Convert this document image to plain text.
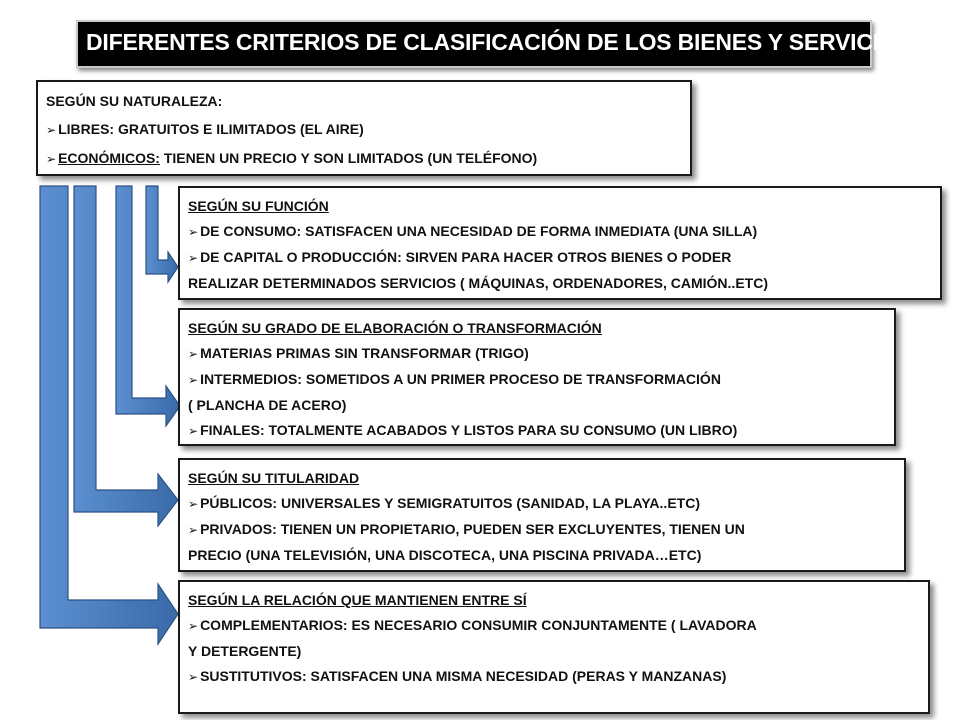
DIFERENTES CRITERIOS DE CLASIFICACIÓN DE LOS BIENES Y SERVICIOS
SEGÚN SU NATURALEZA:
➢ LIBRES: GRATUITOS E ILIMITADOS (EL AIRE)
➢ ECONÓMICOS: TIENEN UN PRECIO Y SON LIMITADOS (UN TELÉFONO)
SEGÚN SU FUNCIÓN
➢ DE CONSUMO: SATISFACEN UNA NECESIDAD DE FORMA INMEDIATA (UNA SILLA)
➢ DE CAPITAL O PRODUCCIÓN: SIRVEN PARA HACER OTROS BIENES O PODER
REALIZAR DETERMINADOS SERVICIOS ( MÁQUINAS, ORDENADORES, CAMIÓN..ETC)
SEGÚN SU GRADO DE ELABORACIÓN O TRANSFORMACIÓN
➢ MATERIAS PRIMAS SIN TRANSFORMAR (TRIGO)
➢ INTERMEDIOS: SOMETIDOS A UN PRIMER PROCESO DE TRANSFORMACIÓN
( PLANCHA DE ACERO)
➢ FINALES: TOTALMENTE ACABADOS Y LISTOS PARA SU CONSUMO (UN LIBRO)
SEGÚN SU TITULARIDAD
➢ PÚBLICOS: UNIVERSALES Y SEMIGRATUITOS (SANIDAD, LA PLAYA..ETC)
➢ PRIVADOS: TIENEN UN PROPIETARIO, PUEDEN SER EXCLUYENTES, TIENEN UN
PRECIO (UNA TELEVISIÓN, UNA DISCOTECA, UNA PISCINA PRIVADA…ETC)
SEGÚN LA RELACIÓN QUE MANTIENEN ENTRE SÍ
➢ COMPLEMENTARIOS: ES NECESARIO CONSUMIR CONJUNTAMENTE ( LAVADORA
Y DETERGENTE)
➢ SUSTITUTIVOS: SATISFACEN UNA MISMA NECESIDAD (PERAS Y MANZANAS)
